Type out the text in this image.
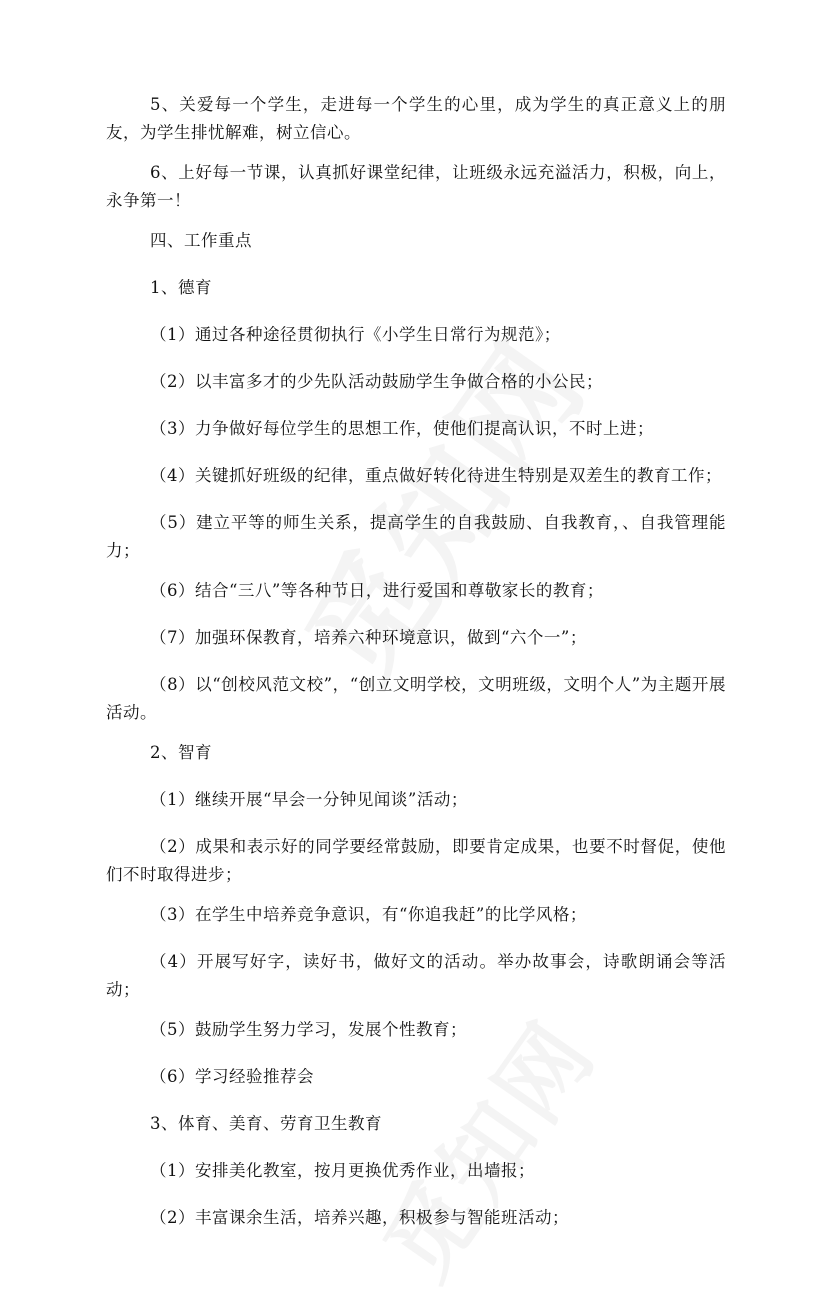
5、关爱每一个学生，走进每一个学生的心里，成为学生的真正意义上的朋友，为学生排忧解难，树立信心。

6、上好每一节课，认真抓好课堂纪律，让班级永远充溢活力，积极，向上，永争第一！

四、工作重点

1、德育

（1）通过各种途径贯彻执行《小学生日常行为规范》；

（2）以丰富多才的少先队活动鼓励学生争做合格的小公民；

（3）力争做好每位学生的思想工作，使他们提高认识，不时上进；

（4）关键抓好班级的纪律，重点做好转化待进生特别是双差生的教育工作；

（5）建立平等的师生关系，提高学生的自我鼓励、自我教育，、自我管理能力；

（6）结合“三八”等各种节日，进行爱国和尊敬家长的教育；

（7）加强环保教育，培养六种环境意识，做到“六个一”；

（8）以“创校风范文校”，“创立文明学校，文明班级，文明个人”为主题开展活动。

2、智育

（1）继续开展“早会一分钟见闻谈”活动；

（2）成果和表示好的同学要经常鼓励，即要肯定成果，也要不时督促，使他们不时取得进步；

（3）在学生中培养竞争意识，有“你追我赶”的比学风格；

（4）开展写好字，读好书，做好文的活动。举办故事会，诗歌朗诵会等活动；

（5）鼓励学生努力学习，发展个性教育；

（6）学习经验推荐会

3、体育、美育、劳育卫生教育

（1）安排美化教室，按月更换优秀作业，出墙报；

（2）丰富课余生活，培养兴趣，积极参与智能班活动；
